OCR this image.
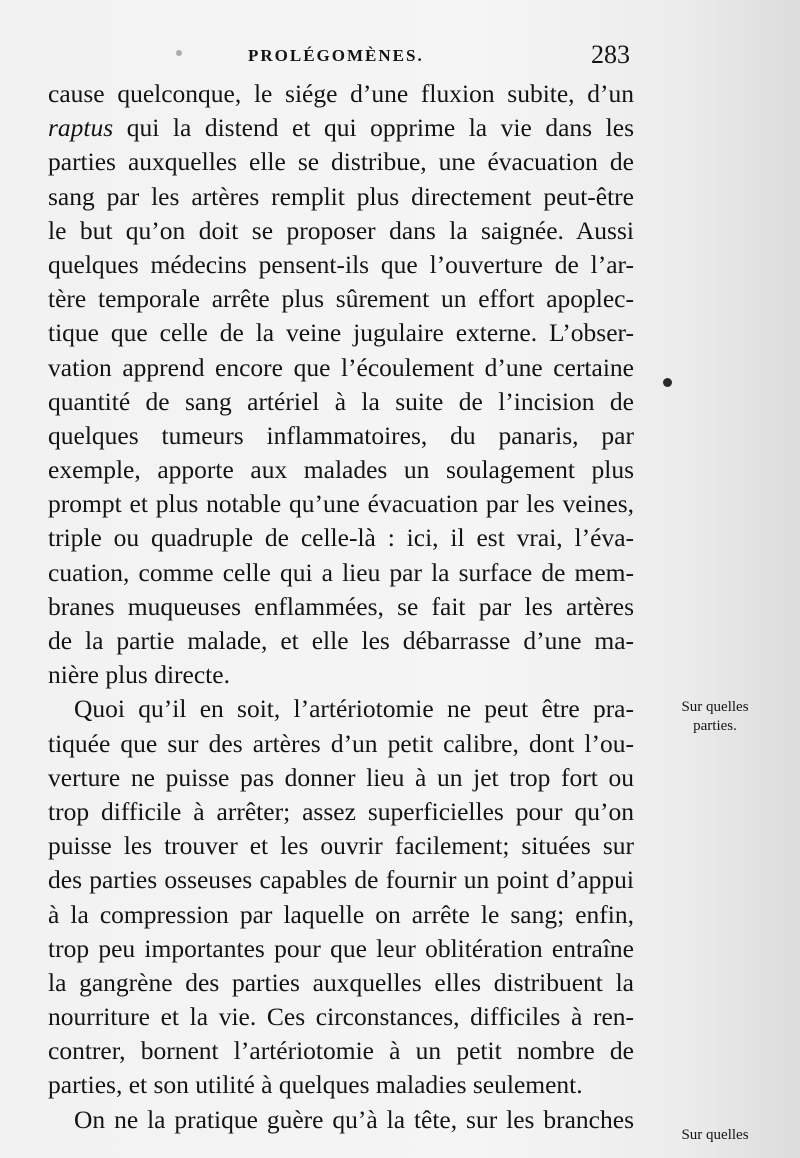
PROLÉGOMÈNES.	283
cause quelconque, le siége d’une fluxion subite, d’un
raptus qui la distend et qui opprime la vie dans les
parties auxquelles elle se distribue, une évacuation de
sang par les artères remplit plus directement peut-être
le but qu’on doit se proposer dans la saignée. Aussi
quelques médecins pensent-ils que l’ouverture de l’ar-
tère temporale arrête plus sûrement un effort apoplec-
tique que celle de la veine jugulaire externe. L’obser-
vation apprend encore que l’écoulement d’une certaine
quantité de sang artériel à la suite de l’incision de
quelques tumeurs inflammatoires, du panaris, par
exemple, apporte aux malades un soulagement plus
prompt et plus notable qu’une évacuation par les veines,
triple ou quadruple de celle-là : ici, il est vrai, l’éva-
cuation, comme celle qui a lieu par la surface de mem-
branes muqueuses enflammées, se fait par les artères
de la partie malade, et elle les débarrasse d’une ma-
nière plus directe.
Quoi qu’il en soit, l’artériotomie ne peut être pra-
tiquée que sur des artères d’un petit calibre, dont l’ou-
verture ne puisse pas donner lieu à un jet trop fort ou
trop difficile à arrêter; assez superficielles pour qu’on
puisse les trouver et les ouvrir facilement; situées sur
des parties osseuses capables de fournir un point d’appui
à la compression par laquelle on arrête le sang; enfin,
trop peu importantes pour que leur oblitération entraîne
la gangrène des parties auxquelles elles distribuent la
nourriture et la vie. Ces circonstances, difficiles à ren-
contrer, bornent l’artériotomie à un petit nombre de
parties, et son utilité à quelques maladies seulement.
On ne la pratique guère qu’à la tête, sur les branches
Sur quelles
parties.
Sur quelles
